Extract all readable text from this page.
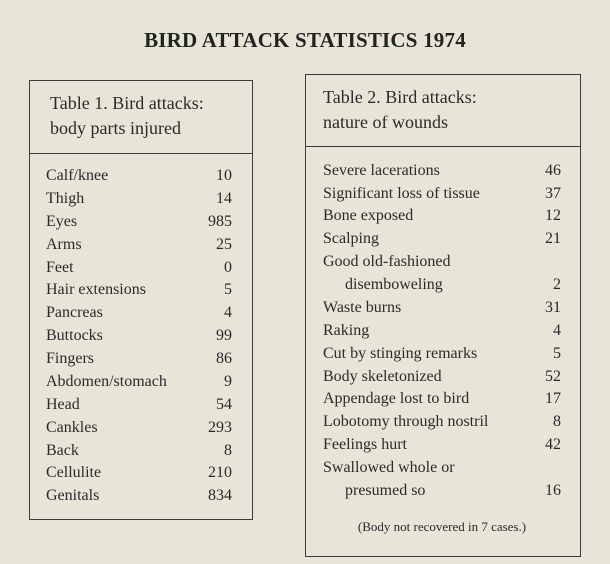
BIRD ATTACK STATISTICS 1974
Table 1. Bird attacks:
body parts injured
Calf/knee	10
Thigh	14
Eyes	985
Arms	25
Feet	0
Hair extensions	5
Pancreas	4
Buttocks	99
Fingers	86
Abdomen/stomach	9
Head	54
Cankles	293
Back	8
Cellulite	210
Genitals	834
Table 2. Bird attacks:
nature of wounds
Severe lacerations	46
Significant loss of tissue	37
Bone exposed	12
Scalping	21
Good old-fashioned
disemboweling	2
Waste burns	31
Raking	4
Cut by stinging remarks	5
Body skeletonized	52
Appendage lost to bird	17
Lobotomy through nostril	8
Feelings hurt	42
Swallowed whole or
presumed so	16
(Body not recovered in 7 cases.)
